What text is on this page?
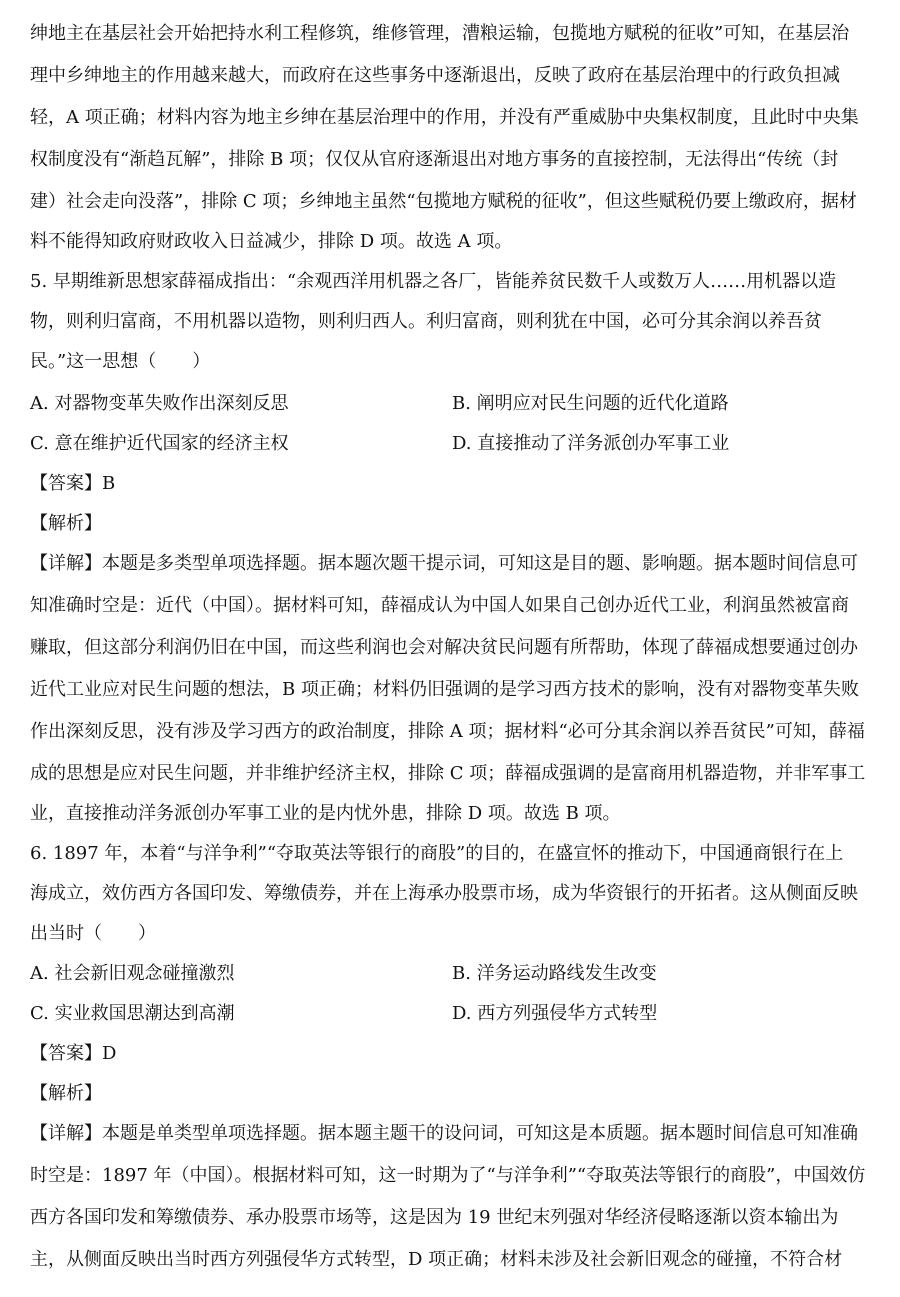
绅地主在基层社会开始把持水利工程修筑，维修管理，漕粮运输，包揽地方赋税的征收”可知，在基层治
理中乡绅地主的作用越来越大，而政府在这些事务中逐渐退出，反映了政府在基层治理中的行政负担减
轻，A 项正确；材料内容为地主乡绅在基层治理中的作用，并没有严重威胁中央集权制度，且此时中央集
权制度没有“渐趋瓦解”，排除 B 项；仅仅从官府逐渐退出对地方事务的直接控制，无法得出“传统（封
建）社会走向没落”，排除 C 项；乡绅地主虽然“包揽地方赋税的征收”，但这些赋税仍要上缴政府，据材
料不能得知政府财政收入日益减少，排除 D 项。故选 A 项。
5. 早期维新思想家薛福成指出：“余观西洋用机器之各厂，皆能养贫民数千人或数万人……用机器以造
物，则利归富商，不用机器以造物，则利归西人。利归富商，则利犹在中国，必可分其余润以养吾贫
民。”这一思想（　　）
A. 对器物变革失败作出深刻反思	B. 阐明应对民生问题的近代化道路
C. 意在维护近代国家的经济主权	D. 直接推动了洋务派创办军事工业
【答案】B
【解析】
【详解】本题是多类型单项选择题。据本题次题干提示词，可知这是目的题、影响题。据本题时间信息可
知准确时空是：近代（中国）。据材料可知，薛福成认为中国人如果自己创办近代工业，利润虽然被富商
赚取，但这部分利润仍旧在中国，而这些利润也会对解决贫民问题有所帮助，体现了薛福成想要通过创办
近代工业应对民生问题的想法，B 项正确；材料仍旧强调的是学习西方技术的影响，没有对器物变革失败
作出深刻反思，没有涉及学习西方的政治制度，排除 A 项；据材料“必可分其余润以养吾贫民”可知，薛福
成的思想是应对民生问题，并非维护经济主权，排除 C 项；薛福成强调的是富商用机器造物，并非军事工
业，直接推动洋务派创办军事工业的是内忧外患，排除 D 项。故选 B 项。
6. 1897 年，本着“与洋争利”“夺取英法等银行的商股”的目的，在盛宣怀的推动下，中国通商银行在上
海成立，效仿西方各国印发、筹缴债券，并在上海承办股票市场，成为华资银行的开拓者。这从侧面反映
出当时（　　）
A. 社会新旧观念碰撞激烈	B. 洋务运动路线发生改变
C. 实业救国思潮达到高潮	D. 西方列强侵华方式转型
【答案】D
【解析】
【详解】本题是单类型单项选择题。据本题主题干的设问词，可知这是本质题。据本题时间信息可知准确
时空是：1897 年（中国）。根据材料可知，这一时期为了“与洋争利”“夺取英法等银行的商股”，中国效仿
西方各国印发和筹缴债券、承办股票市场等，这是因为 19 世纪末列强对华经济侵略逐渐以资本输出为
主，从侧面反映出当时西方列强侵华方式转型，D 项正确；材料未涉及社会新旧观念的碰撞，不符合材
